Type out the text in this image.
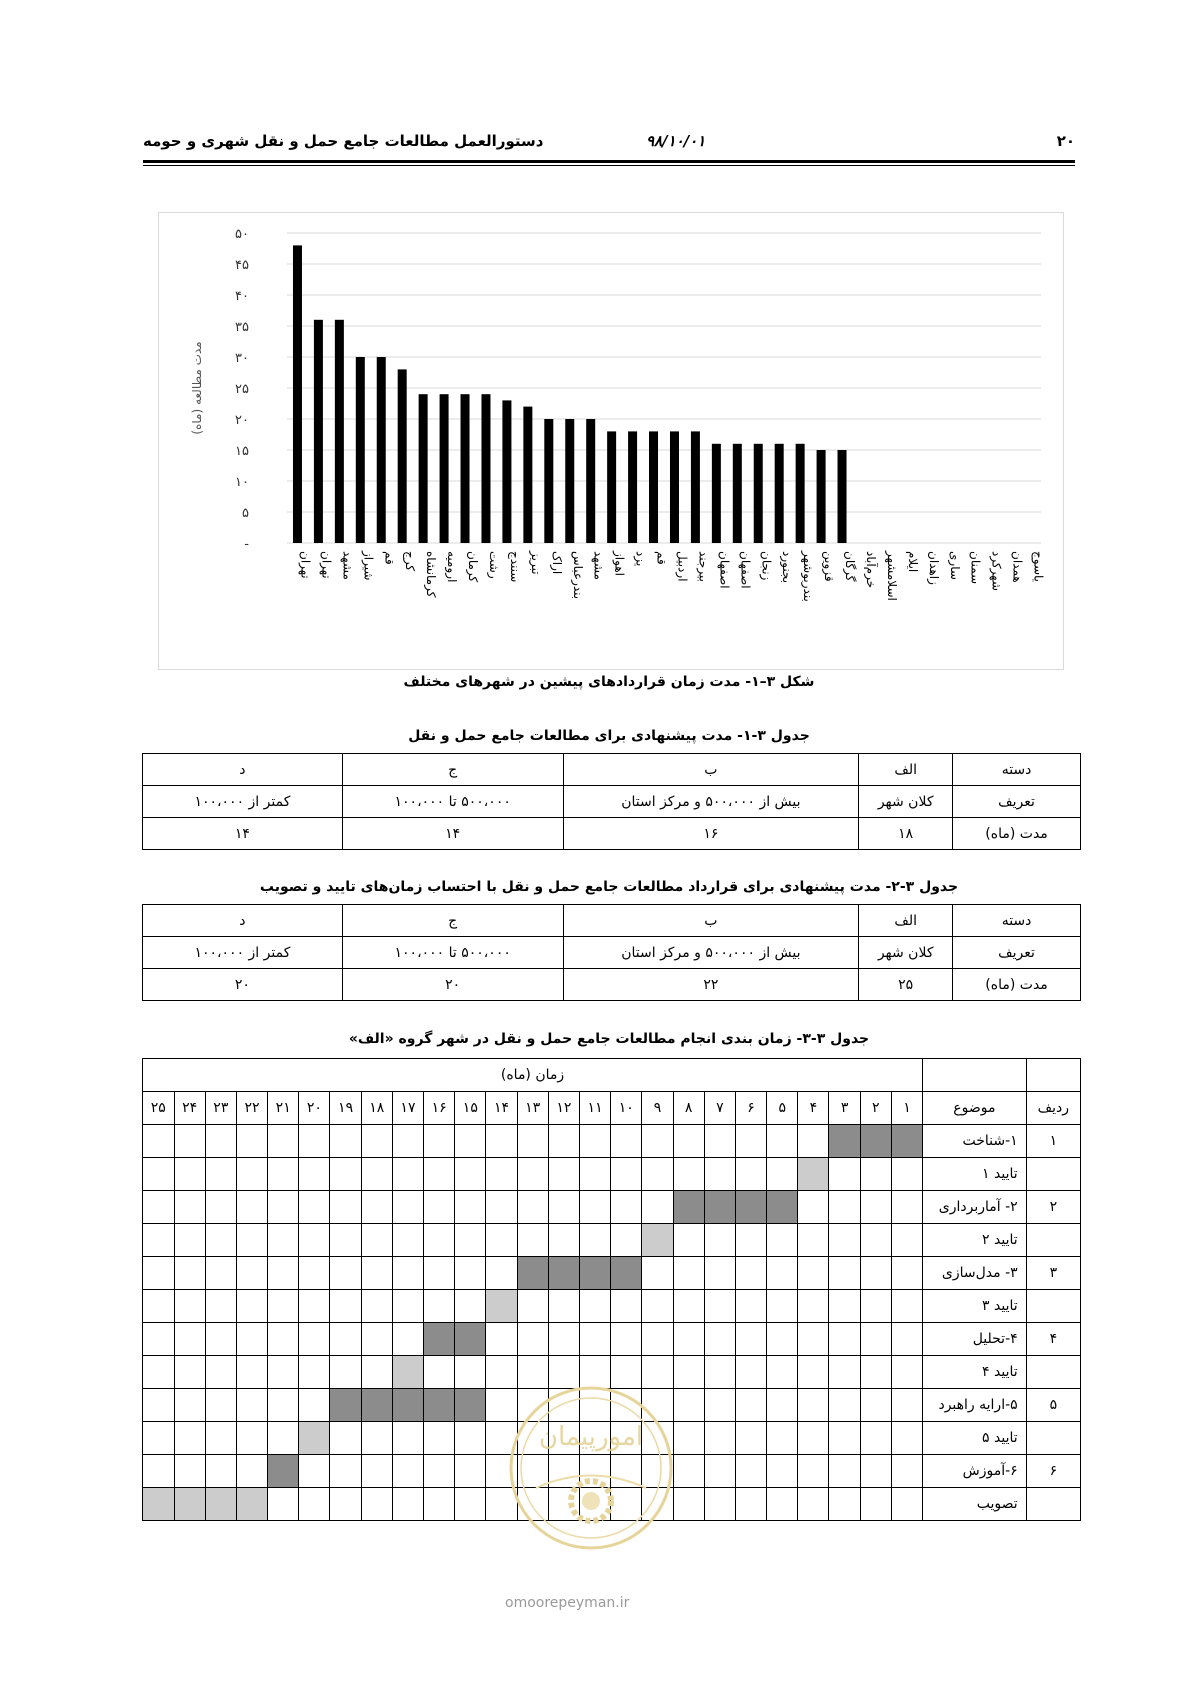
۲۰
۹۸/۱۰/۰۱
دستورالعمل مطالعات جامع حمل و نقل شهری و حومه
-
۵
۱۰
۱۵
۲۰
۲۵
۳۰
۳۵
۴۰
۴۵
۵۰
مدت مطالعه (ماه)
تهران تهران مشهد شیراز قم کرج کرمانشاه ارومیه کرمان رشت سنندج تبریز اراک بندرعباس مشهد اهواز یزد قم اردبیل بیرجند اصفهان اصفهان زنجان بجنورد بندربوشهر قزوین گرگان خرم‌آباد اسلامشهر ایلام زاهدان ساری سمنان شهرکرد همدان یاسوج
شکل ۳–۱- مدت زمان قراردادهای پیشین در شهرهای مختلف
جدول ۳-۱- مدت پیشنهادی برای مطالعات جامع حمل و نقل
دسته	الف	ب	ج	د
تعریف	کلان شهر	بیش از ۵۰۰،۰۰۰ و مرکز استان	۵۰۰،۰۰۰ تا ۱۰۰،۰۰۰	کمتر از ۱۰۰،۰۰۰
مدت (ماه)	۱۸	۱۶	۱۴	۱۴
جدول ۳-۲- مدت پیشنهادی برای قرارداد مطالعات جامع حمل و نقل با احتساب زمان‌های تایید و تصویب
دسته	الف	ب	ج	د
تعریف	کلان شهر	بیش از ۵۰۰،۰۰۰ و مرکز استان	۵۰۰،۰۰۰ تا ۱۰۰،۰۰۰	کمتر از ۱۰۰،۰۰۰
مدت (ماه)	۲۵	۲۲	۲۰	۲۰
جدول ۳-۳- زمان بندی انجام مطالعات جامع حمل و نقل در شهر گروه «الف»
		زمان (ماه)																								
ردیف	موضوع	۱	۲	۳	۴	۵	۶	۷	۸	۹	۱۰	۱۱	۱۲	۱۳	۱۴	۱۵	۱۶	۱۷	۱۸	۱۹	۲۰	۲۱	۲۲	۲۳	۲۴	۲۵
۱	۱-شناخت																									
	تایید ۱																									
۲	۲- آماربرداری																									
	تایید ۲																									
۳	۳- مدل‌سازی																									
	تایید ۳																									
۴	۴-تحلیل																									
	تایید ۴																									
۵	۵-ارایه راهبرد																									
	تایید ۵																									
۶	۶-آموزش																									
	تصویب																									
امورپیمان
omoorepeyman.ir
